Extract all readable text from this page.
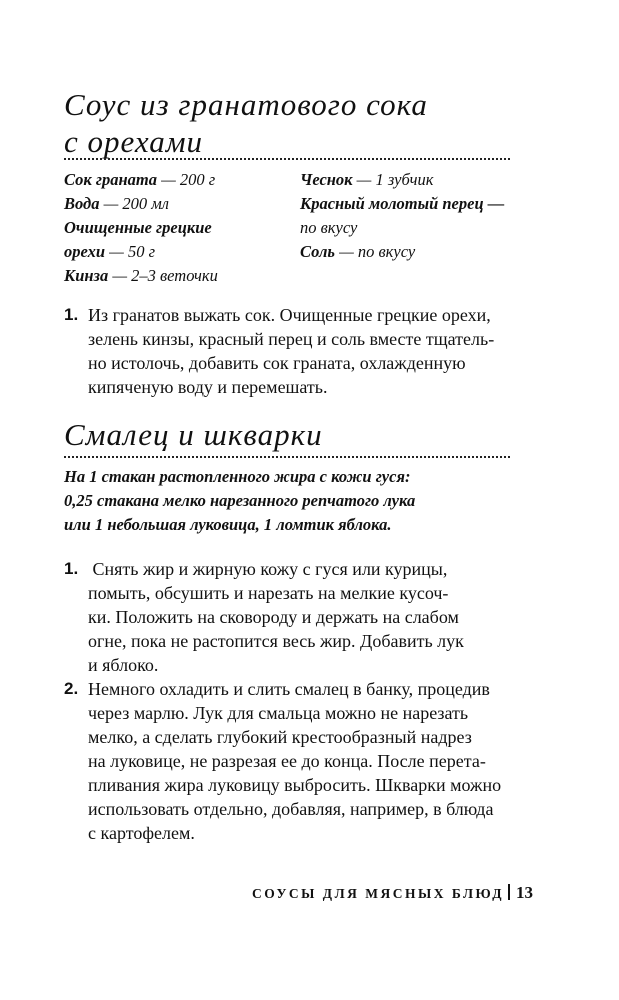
Соус из гранатового сока
с орехами

Сок граната — 200 г

Вода — 200 мл

Очищенные грецкие

орехи — 50 г

Кинза — 2–3 веточки

Чеснок — 1 зубчик

Красный молотый перец —

по вкусу

Соль — по вкусу

1. Из гранатов выжать сок. Очищенные грецкие орехи,
зелень кинзы, красный перец и соль вместе тщатель-
но истолочь, добавить сок граната, охлажденную
кипяченую воду и перемешать.
Смалец и шкварки
На 1 стакан растопленного жира с кожи гуся:
0,25 стакана мелко нарезанного репчатого лука
или 1 небольшая луковица, 1 ломтик яблока.
1. Снять жир и жирную кожу с гуся или курицы,
помыть, обсушить и нарезать на мелкие кусоч-
ки. Положить на сковороду и держать на слабом
огне, пока не растопится весь жир. Добавить лук
и яблоко.
2. Немного охладить и слить смалец в банку, процедив
через марлю. Лук для смальца можно не нарезать
мелко, а сделать глубокий крестообразный надрез
на луковице, не разрезая ее до конца. После перета-
пливания жира луковицу выбросить. Шкварки можно
использовать отдельно, добавляя, например, в блюда
с картофелем.
СОУСЫ ДЛЯ МЯСНЫХ БЛЮД 13
